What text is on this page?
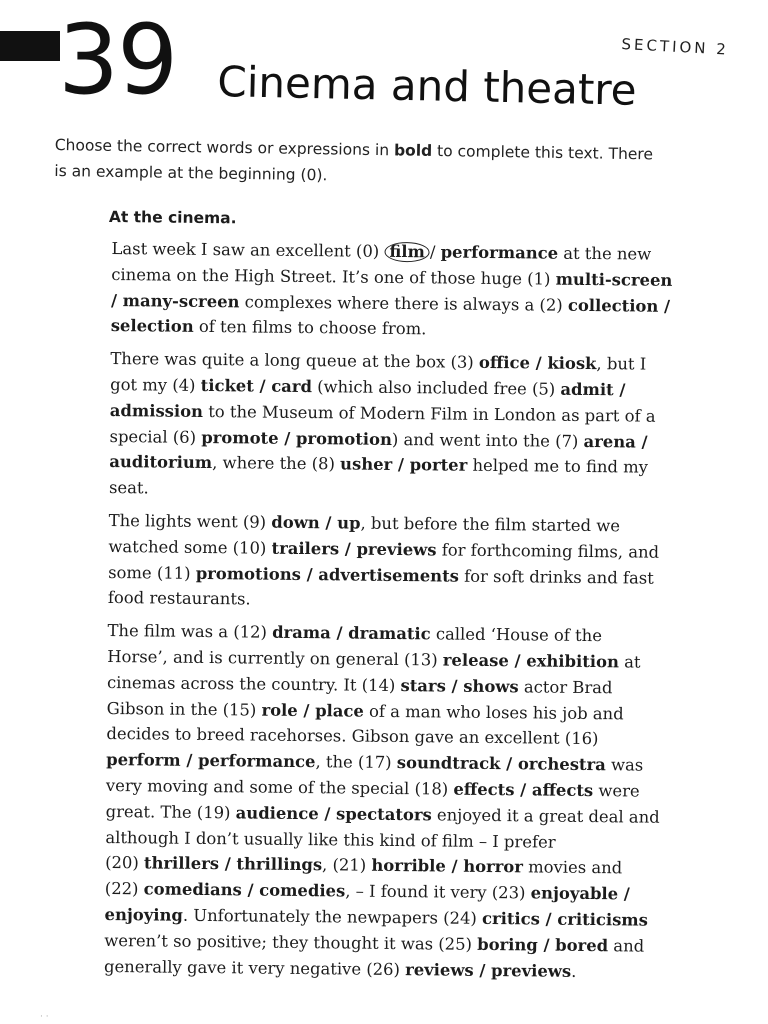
39	SECTION 2
Cinema and theatre
Choose the correct words or expressions in bold to complete this text. There
is an example at the beginning (0).
At the cinema.
Last week I saw an excellent (0) film / performance at the new
cinema on the High Street. It’s one of those huge (1) multi-screen
/ many-screen complexes where there is always a (2) collection /
selection of ten films to choose from.
There was quite a long queue at the box (3) office / kiosk, but I
got my (4) ticket / card (which also included free (5) admit /
admission to the Museum of Modern Film in London as part of a
special (6) promote / promotion) and went into the (7) arena /
auditorium, where the (8) usher / porter helped me to find my
seat.
The lights went (9) down / up, but before the film started we
watched some (10) trailers / previews for forthcoming films, and
some (11) promotions / advertisements for soft drinks and fast
food restaurants.
The film was a (12) drama / dramatic called ‘House of the
Horse’, and is currently on general (13) release / exhibition at
cinemas across the country. It (14) stars / shows actor Brad
Gibson in the (15) role / place of a man who loses his job and
decides to breed racehorses. Gibson gave an excellent (16)
perform / performance, the (17) soundtrack / orchestra was
very moving and some of the special (18) effects / affects were
great. The (19) audience / spectators enjoyed it a great deal and
although I don’t usually like this kind of film – I prefer
(20) thrillers / thrillings, (21) horrible / horror movies and
(22) comedians / comedies, – I found it very (23) enjoyable /
enjoying. Unfortunately the newpapers (24) critics / criticisms
weren’t so positive; they thought it was (25) boring / bored and
generally gave it very negative (26) reviews / previews.
· ·
